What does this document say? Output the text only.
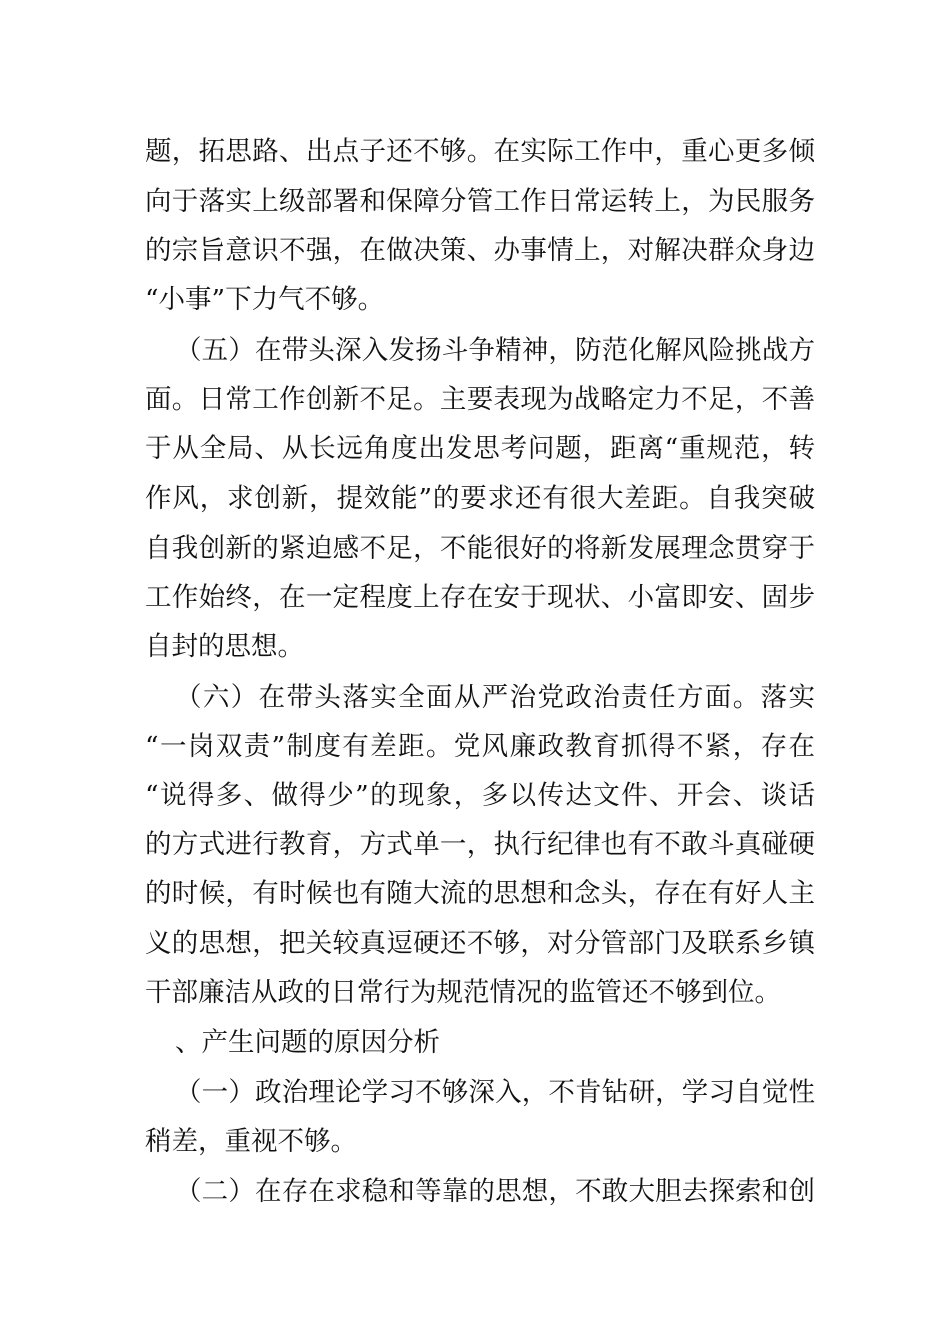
题，拓思路、出点子还不够。在实际工作中，重心更多倾
向于落实上级部署和保障分管工作日常运转上，为民服务
的宗旨意识不强，在做决策、办事情上，对解决群众身边
“小事”下力气不够。
（五）在带头深入发扬斗争精神，防范化解风险挑战方
面。日常工作创新不足。主要表现为战略定力不足，不善
于从全局、从长远角度出发思考问题，距离“重规范，转
作风，求创新，提效能”的要求还有很大差距。自我突破
自我创新的紧迫感不足，不能很好的将新发展理念贯穿于
工作始终，在一定程度上存在安于现状、小富即安、固步
自封的思想。
（六）在带头落实全面从严治党政治责任方面。落实
“一岗双责”制度有差距。党风廉政教育抓得不紧，存在
“说得多、做得少”的现象，多以传达文件、开会、谈话
的方式进行教育，方式单一，执行纪律也有不敢斗真碰硬
的时候，有时候也有随大流的思想和念头，存在有好人主
义的思想，把关较真逗硬还不够，对分管部门及联系乡镇
干部廉洁从政的日常行为规范情况的监管还不够到位。
、产生问题的原因分析
（一）政治理论学习不够深入，不肯钻研，学习自觉性
稍差，重视不够。
（二）在存在求稳和等靠的思想，不敢大胆去探索和创
